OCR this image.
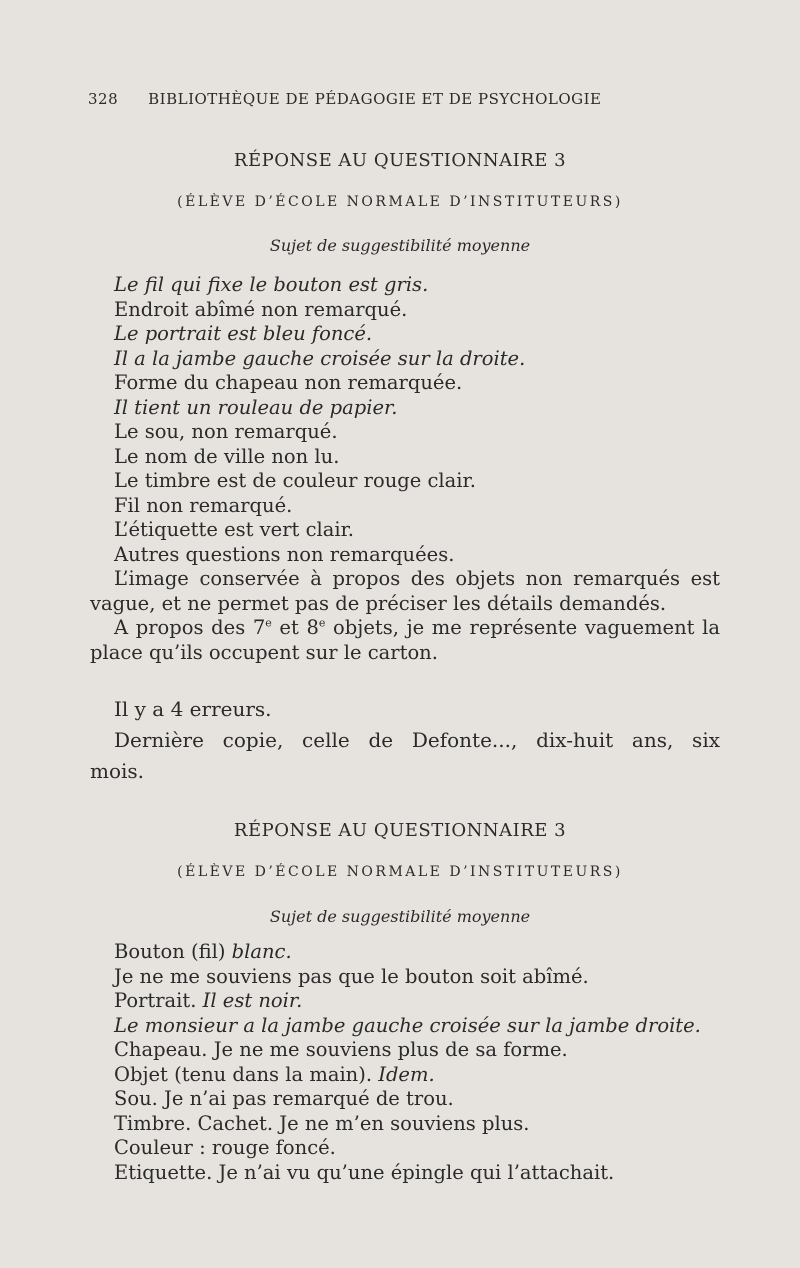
328 BIBLIOTHÈQUE DE PÉDAGOGIE ET DE PSYCHOLOGIE
RÉPONSE AU QUESTIONNAIRE 3
(ÉLÈVE D’ÉCOLE NORMALE D’INSTITUTEURS)
Sujet de suggestibilité moyenne
Le fil qui fixe le bouton est gris.
Endroit abîmé non remarqué.
Le portrait est bleu foncé.
Il a la jambe gauche croisée sur la droite.
Forme du chapeau non remarquée.
Il tient un rouleau de papier.
Le sou, non remarqué.
Le nom de ville non lu.
Le timbre est de couleur rouge clair.
Fil non remarqué.
L’étiquette est vert clair.
Autres questions non remarquées.
L’image conservée à propos des objets non remarqués est
vague, et ne permet pas de préciser les détails demandés.
A propos des 7e et 8e objets, je me représente vaguement la
place qu’ils occupent sur le carton.
Il y a 4 erreurs.
Dernière copie, celle de Defonte..., dix-huit ans, six
mois.
RÉPONSE AU QUESTIONNAIRE 3
(ÉLÈVE D’ÉCOLE NORMALE D’INSTITUTEURS)
Sujet de suggestibilité moyenne
Bouton (fil) blanc.
Je ne me souviens pas que le bouton soit abîmé.
Portrait. Il est noir.
Le monsieur a la jambe gauche croisée sur la jambe droite.
Chapeau. Je ne me souviens plus de sa forme.
Objet (tenu dans la main). Idem.
Sou. Je n’ai pas remarqué de trou.
Timbre. Cachet. Je ne m’en souviens plus.
Couleur : rouge foncé.
Etiquette. Je n’ai vu qu’une épingle qui l’attachait.
